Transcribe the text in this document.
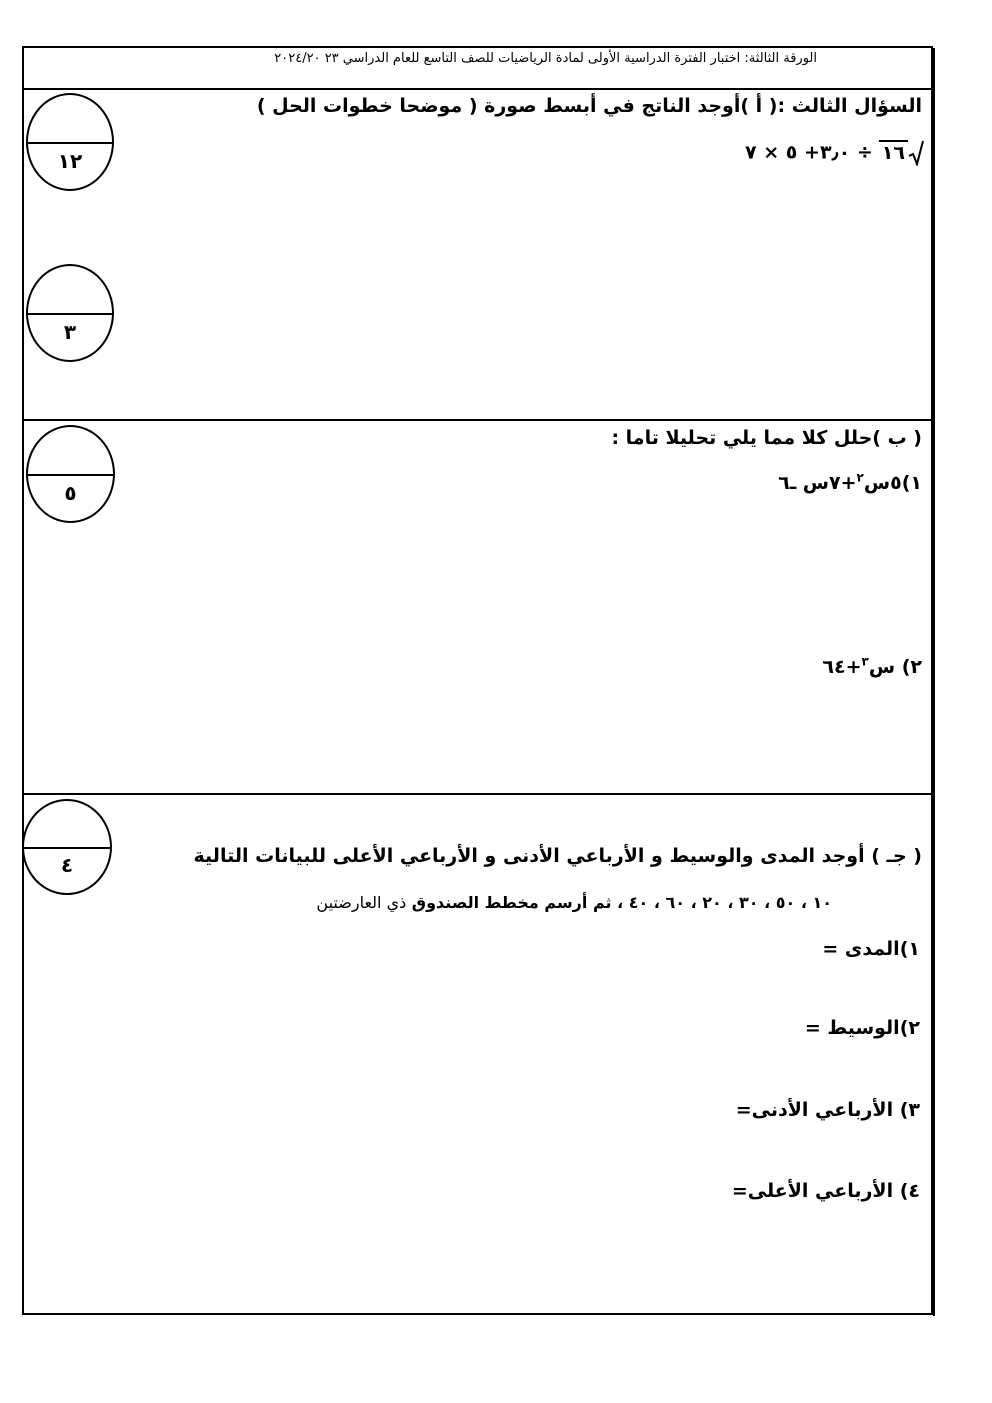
الورقة الثالثة: اختبار الفترة الدراسية الأولى لمادة الرياضيات للصف التاسع للعام الدراسي ٢٣ ٢٠٢٤/٢٠
السؤال الثالث :( أ )أوجد الناتج في أبسط صورة ( موضحا خطوات الحل )
١٦÷ ٣٫٠+ ٥ × ٧
١٢
٣
( ب )حلل كلا مما يلي تحليلا تاما :
١)٥س$^٢$+٧س ـ٦
٢) س$^٣$+٦٤
٥
٤	( جـ ) أوجد المدى والوسيط و الأرباعي الأدنى و الأرباعي الأعلى للبيانات التالية
١٠ ، ٥٠ ، ٣٠ ، ٢٠ ، ٦٠ ، ٤٠ ، ثم أرسم مخطط الصندوق ذي العارضتين
١)المدى =
٢)الوسيط =
٣) الأرباعي الأدنى=
٤) الأرباعي الأعلى=
